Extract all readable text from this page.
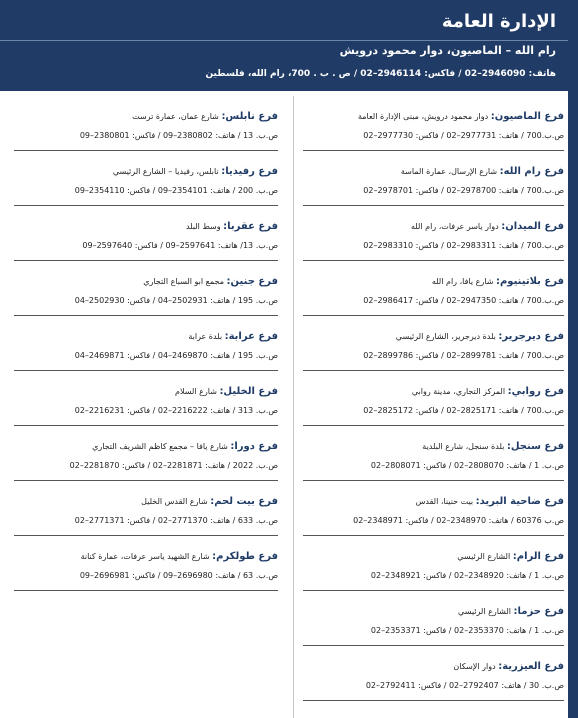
الإدارة العامة
رام الله – الماصيون، دوار محمود درويش
هاتف: 2946090–02 / فاكس: 2946114–02 / ص . ب . 700، رام الله، فلسطين
فرع الماصيون: دوار محمود درويش، مبنى الإدارة العامة
ص.ب.700 / هاتف: 2977731–02 / فاكس: 2977730–02
فرع رام الله: شارع الإرسال، عمارة الماسة
ص.ب.700 / هاتف: 2978700–02 / فاكس: 2978701–02
فرع الميدان: دوار ياسر عرفات، رام الله
ص.ب.700 / هاتف: 2983311–02 / فاكس: 2983310–02
فرع بلاتينيوم: شارع يافا، رام الله
ص.ب.700 / هاتف: 2947350–02 / فاكس: 2986417–02
فرع ديرجرير: بلدة ديرجرير، الشارع الرئيسي
ص.ب.700 / هاتف: 2899781–02 / فاكس: 2899786–02
فرع روابي: المركز التجاري، مدينة روابي
ص.ب.700 / هاتف: 2825171–02 / فاكس: 2825172–02
فرع سنجل: بلدة سنجل، شارع البلدية
ص.ب. 1 / هاتف: 2808070–02 / فاكس: 2808071–02
فرع ضاحية البريد: بيت حنينا، القدس
ص.ب 60376 / هاتف: 2348970–02 / فاكس: 2348971–02
فرع الرام: الشارع الرئيسي
ص.ب. 1 / هاتف: 2348920–02 / فاكس: 2348921–02
فرع حزما: الشارع الرئيسي
ص.ب. 1 / هاتف: 2353370–02 / فاكس: 2353371–02
فرع العيزرية: دوار الإسكان
ص.ب. 30 / هاتف: 2792407–02 / فاكس: 2792411–02
فرع نابلس: شارع عمان، عمارة ترست
ص.ب. 13 / هاتف: 2380802–09 / فاكس: 2380801–09
فرع رفيديا: نابلس، رفيديا – الشارع الرئيسي
ص.ب. 200 / هاتف: 2354101–09 / فاكس: 2354110–09
فرع عقربا: وسط البلد
ص.ب. 13/ هاتف: 2597641–09 / فاكس: 2597640–09
فرع جنين: مجمع ابو السباع التجاري
ص.ب. 195 / هاتف: 2502931–04 / فاكس: 2502930–04
فرع عرابة: بلدة عرابة
ص.ب. 195 / هاتف: 2469870–04 / فاكس: 2469871–04
فرع الخليل: شارع السلام
ص.ب. 313 / هاتف: 2216222–02 / فاكس: 2216231–02
فرع دورا: شارع يافا – مجمع كاظم الشريف التجاري
ص.ب. 2022 / هاتف: 2281871–02 / فاكس: 2281870–02
فرع بيت لحم: شارع القدس الخليل
ص.ب. 633 / هاتف: 2771370–02 / فاكس: 2771371–02
فرع طولكرم: شارع الشهيد ياسر عرفات، عمارة كنانة
ص.ب. 63 / هاتف: 2696980–09 / فاكس: 2696981–09
